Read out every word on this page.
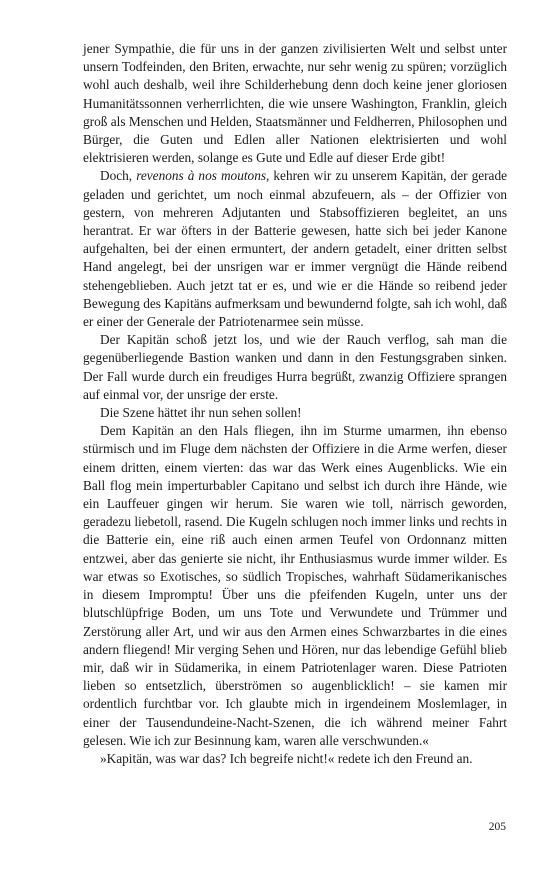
jener Sympathie, die für uns in der ganzen zivilisierten Welt und selbst unter unsern Todfeinden, den Briten, erwachte, nur sehr wenig zu spüren; vorzüglich wohl auch deshalb, weil ihre Schilderhebung denn doch keine jener gloriosen Humanitätssonnen verherrlichten, die wie unsere Washington, Franklin, gleich groß als Menschen und Helden, Staatsmänner und Feldherren, Philosophen und Bürger, die Guten und Edlen aller Nationen elektrisierten und wohl elektrisieren werden, solange es Gute und Edle auf dieser Erde gibt!

Doch, revenons à nos moutons, kehren wir zu unserem Kapitän, der gerade geladen und gerichtet, um noch einmal abzufeuern, als – der Offizier von gestern, von mehreren Adjutanten und Stabsoffizieren begleitet, an uns herantrat. Er war öfters in der Batterie gewesen, hatte sich bei jeder Kanone aufgehalten, bei der einen ermuntert, der andern getadelt, einer dritten selbst Hand angelegt, bei der unsrigen war er immer vergnügt die Hände reibend stehengeblieben. Auch jetzt tat er es, und wie er die Hände so reibend jeder Bewegung des Kapitäns aufmerksam und bewundernd folgte, sah ich wohl, daß er einer der Generale der Patriotenarmee sein müsse.

Der Kapitän schoß jetzt los, und wie der Rauch verflog, sah man die gegenüberliegende Bastion wanken und dann in den Festungsgraben sinken. Der Fall wurde durch ein freudiges Hurra begrüßt, zwanzig Offiziere sprangen auf einmal vor, der unsrige der erste.

Die Szene hättet ihr nun sehen sollen!

Dem Kapitän an den Hals fliegen, ihn im Sturme umarmen, ihn ebenso stürmisch und im Fluge dem nächsten der Offiziere in die Arme werfen, dieser einem dritten, einem vierten: das war das Werk eines Augenblicks. Wie ein Ball flog mein imperturbabler Capitano und selbst ich durch ihre Hände, wie ein Lauffeuer gingen wir herum. Sie waren wie toll, närrisch geworden, geradezu liebetoll, rasend. Die Kugeln schlugen noch immer links und rechts in die Batterie ein, eine riß auch einen armen Teufel von Ordonnanz mitten entzwei, aber das genierte sie nicht, ihr Enthusiasmus wurde immer wilder. Es war etwas so Exotisches, so südlich Tropisches, wahrhaft Südamerikanisches in diesem Impromptu! Über uns die pfeifenden Kugeln, unter uns der blutschlüpfrige Boden, um uns Tote und Verwundete und Trümmer und Zerstörung aller Art, und wir aus den Armen eines Schwarzbartes in die eines andern fliegend! Mir verging Sehen und Hören, nur das lebendige Gefühl blieb mir, daß wir in Südamerika, in einem Patriotenlager waren. Diese Patrioten lieben so entsetzlich, überströmen so augenblicklich! – sie kamen mir ordentlich furchtbar vor. Ich glaubte mich in irgendeinem Moslemlager, in einer der Tausendundeine-Nacht-Szenen, die ich während meiner Fahrt gelesen. Wie ich zur Besinnung kam, waren alle verschwunden.«

»Kapitän, was war das? Ich begreife nicht!« redete ich den Freund an.

205
